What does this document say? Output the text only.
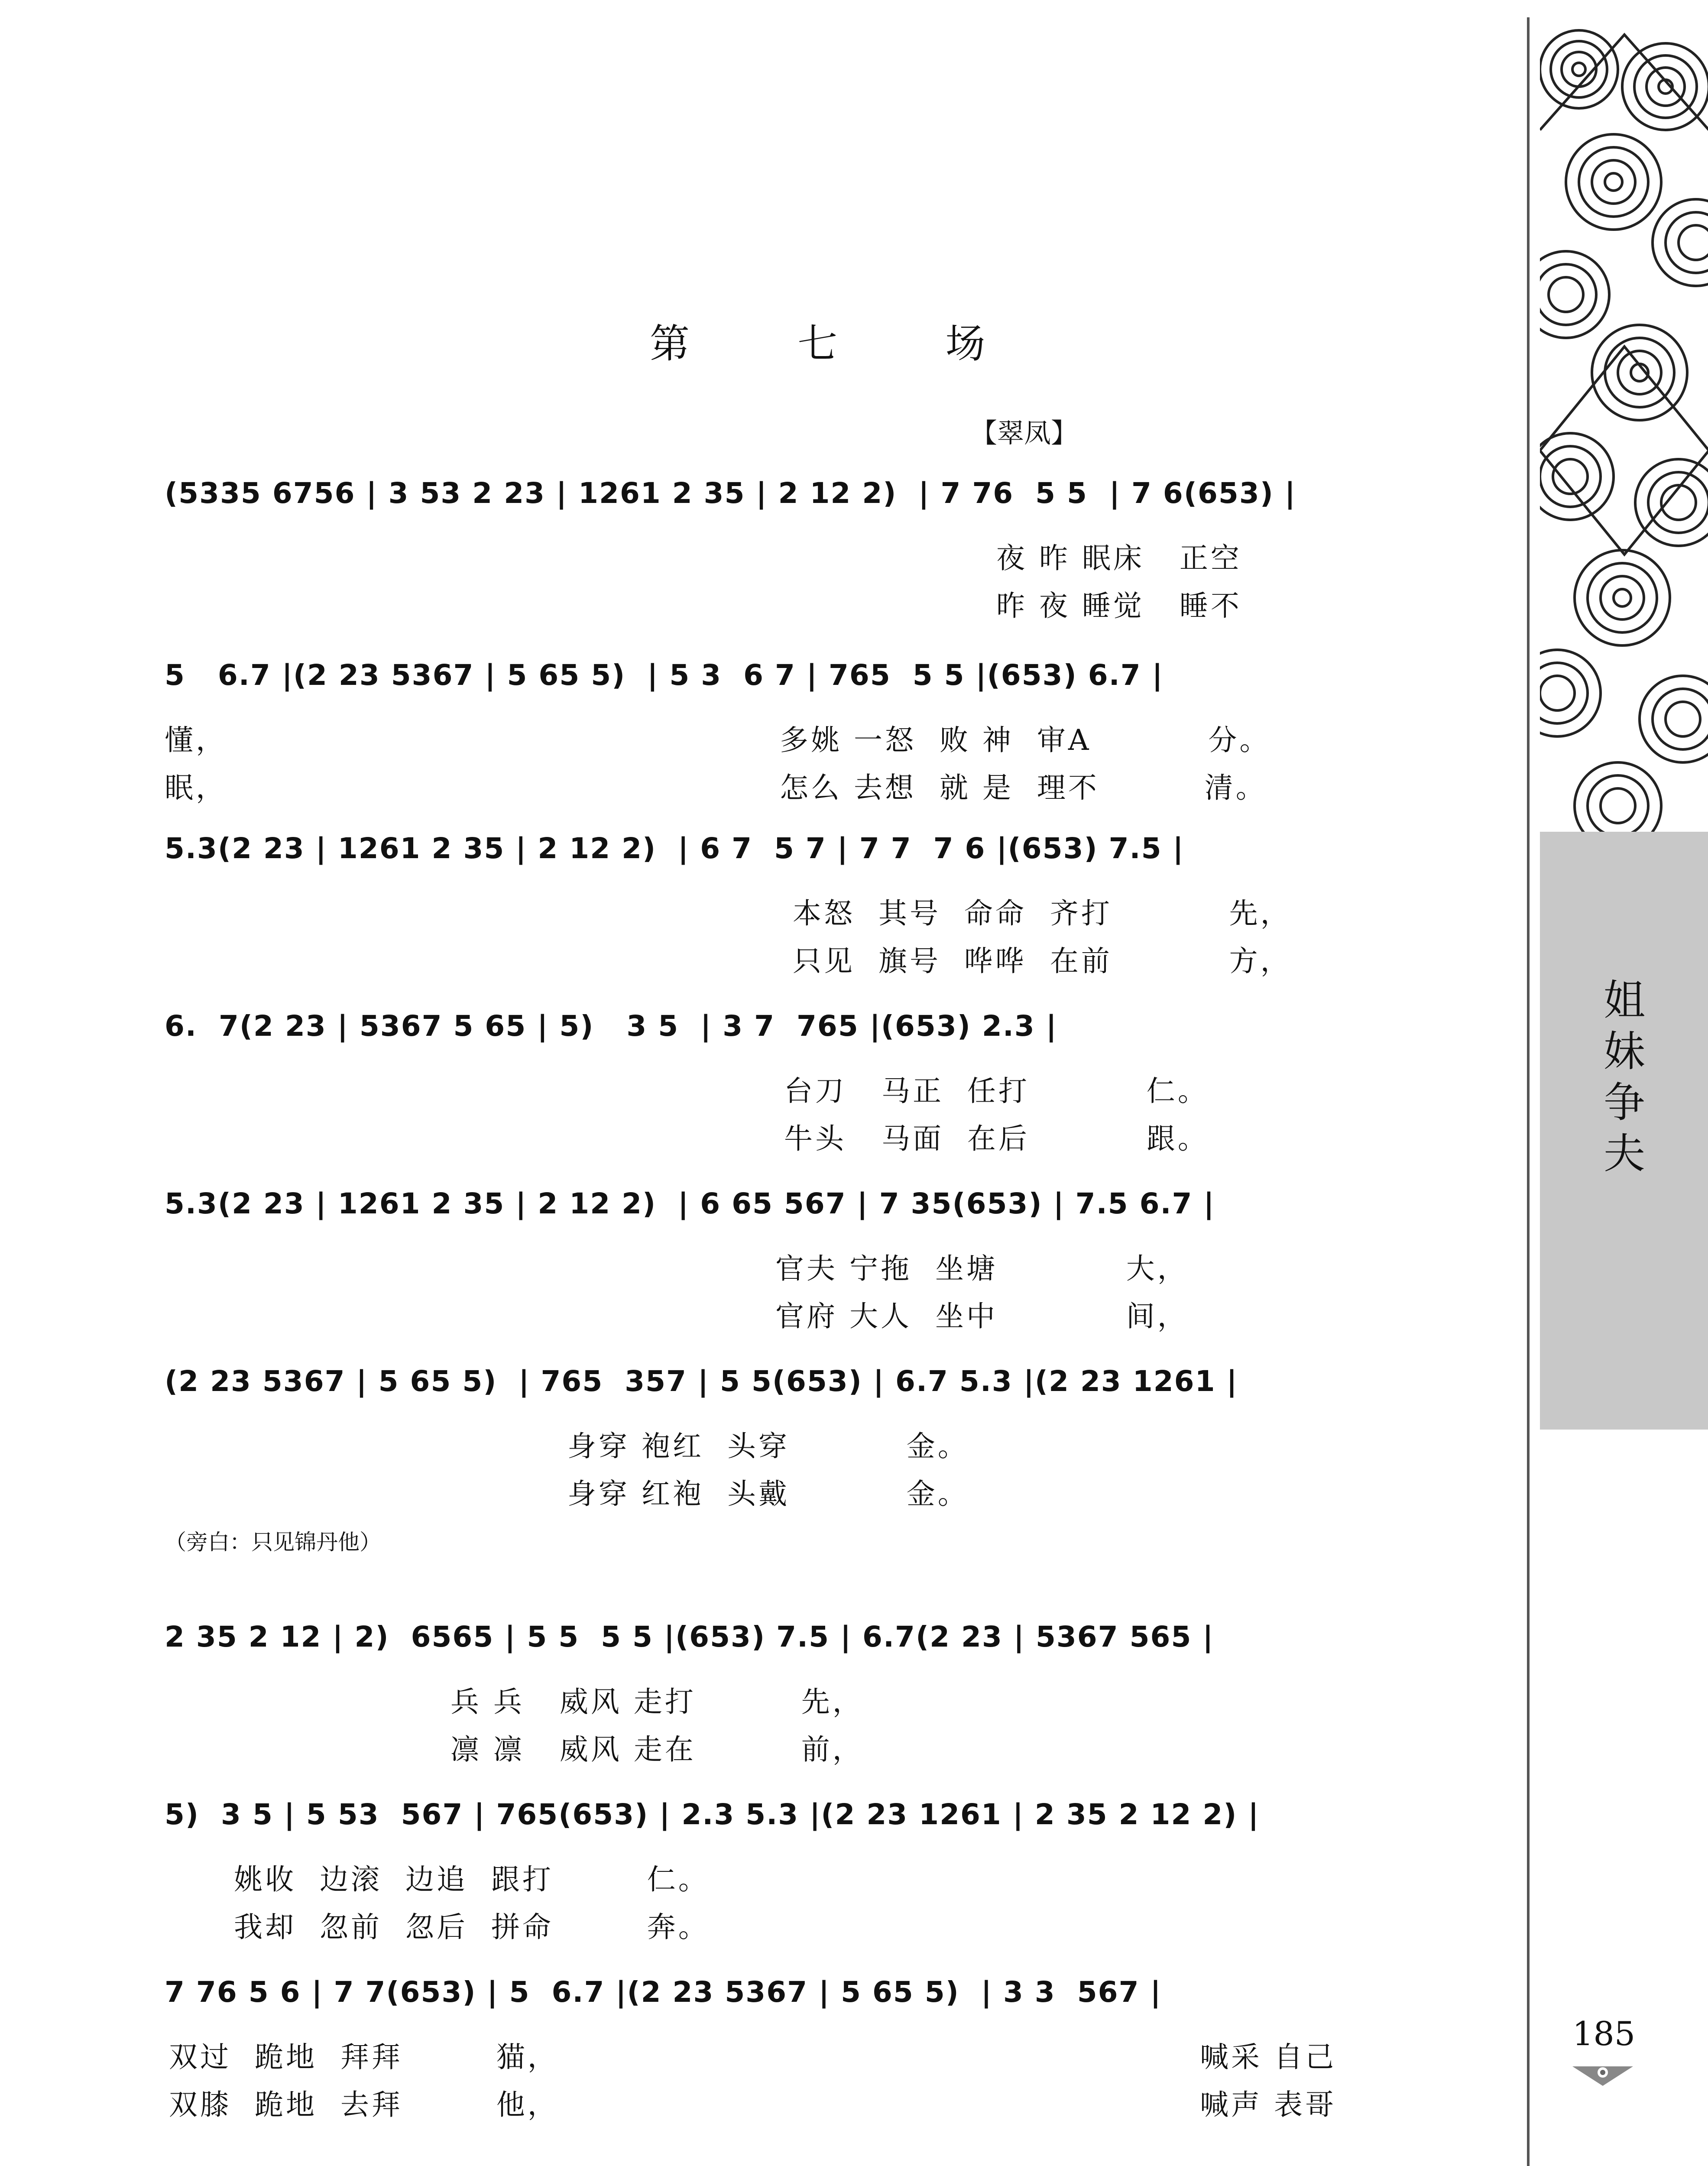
第 七 场
【翠凤】
(5335 6756 | 3 53 2 23 | 1261 2 35 | 2 12 2)  | 7 76  5 5  | 7 6(653) |
夜 昨 眠床   正空
昨 夜 睡觉   睡不
5   6.7 |(2 23 5367 | 5 65 5)  | 5 3  6 7 | 765  5 5 |(653) 6.7 |
懂，
眠，
多姚 一怒  败 神  审A          分。
怎么 去想  就 是  理不         清。
5.3(2 23 | 1261 2 35 | 2 12 2)  | 6 7  5 7 | 7 7  7 6 |(653) 7.5 |
本怒  其号  命命  齐打          先，
只见  旗号  哗哗  在前          方，
6.  7(2 23 | 5367 5 65 | 5)   3 5  | 3 7  765 |(653) 2.3 |
台刀   马正  任打          仁。
牛头   马面  在后          跟。
5.3(2 23 | 1261 2 35 | 2 12 2)  | 6 65 567 | 7 35(653) | 7.5 6.7 |
官夫 宁拖  坐塘           大，
官府 大人  坐中           间，
(2 23 5367 | 5 65 5)  | 765  357 | 5 5(653) | 6.7 5.3 |(2 23 1261 |
身穿 袍红  头穿          金。
身穿 红袍  头戴          金。
（旁白：只见锦丹他）
2 35 2 12 | 2)  6565 | 5 5  5 5 |(653) 7.5 | 6.7(2 23 | 5367 565 |
兵 兵   威风 走打         先，
凛 凛   威风 走在         前，
5)  3 5 | 5 53  567 | 765(653) | 2.3 5.3 |(2 23 1261 | 2 35 2 12 2) |
姚收  边滚  边追  跟打        仁。
我却  忽前  忽后  拼命        奔。
7 76 5 6 | 7 7(653) | 5  6.7 |(2 23 5367 | 5 65 5)  | 3 3  567 |
双过  跪地  拜拜        猫，
双膝  跪地  去拜        他，
喊采 自己
喊声 表哥
姐妹争夫
185
